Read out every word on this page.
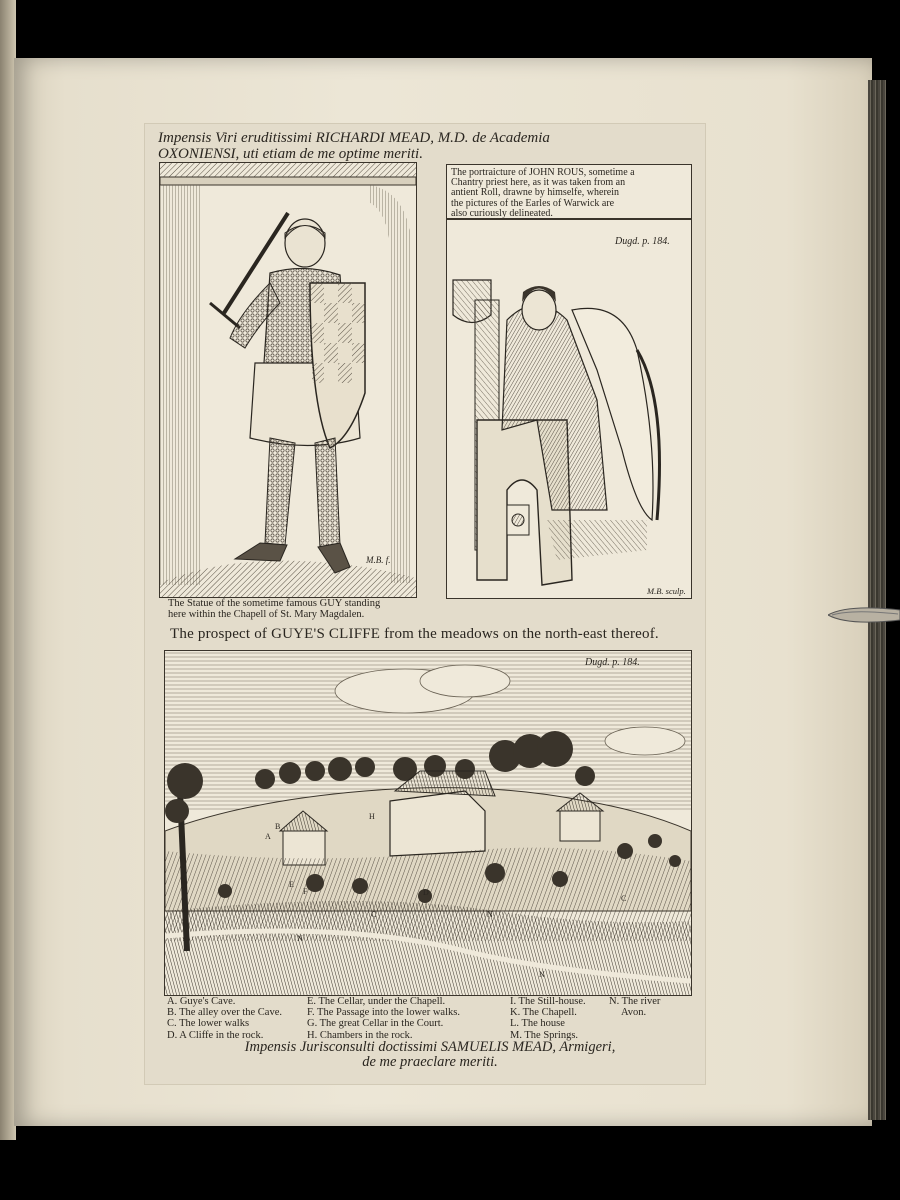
Impensis Viri eruditissimi RICHARDI MEAD, M.D. de Academia
OXONIENSI, uti etiam de me optime meriti.
M.B. f.
The Statue of the sometime famous GUY standing
here within the Chapell of St. Mary Magdalen.
The portraicture of JOHN ROUS, sometime a
Chantry priest here, as it was taken from an
antient Roll, drawne by himselfe, wherein
the pictures of the Earles of Warwick are
also curiously delineated.
Dugd. p. 184.
M.B. sculp.
The prospect of GUYE'S CLIFFE from the meadows on the north-east thereof.
Dugd. p. 184.
A
B
E
F
H
D
C
N
N
C
N
A. Guye's Cave.
B. The alley over the Cave.
C. The lower walks
D. A Cliffe in the rock.
E. The Cellar, under the Chapell.
F. The Passage into the lower walks.
G. The great Cellar in the Court.
H. Chambers in the rock.
I. The Still-house.
K. The Chapell.
L. The house
M. The Springs.
N. The river
Avon.
Impensis Jurisconsulti doctissimi SAMUELIS MEAD, Armigeri,
de me praeclare meriti.
